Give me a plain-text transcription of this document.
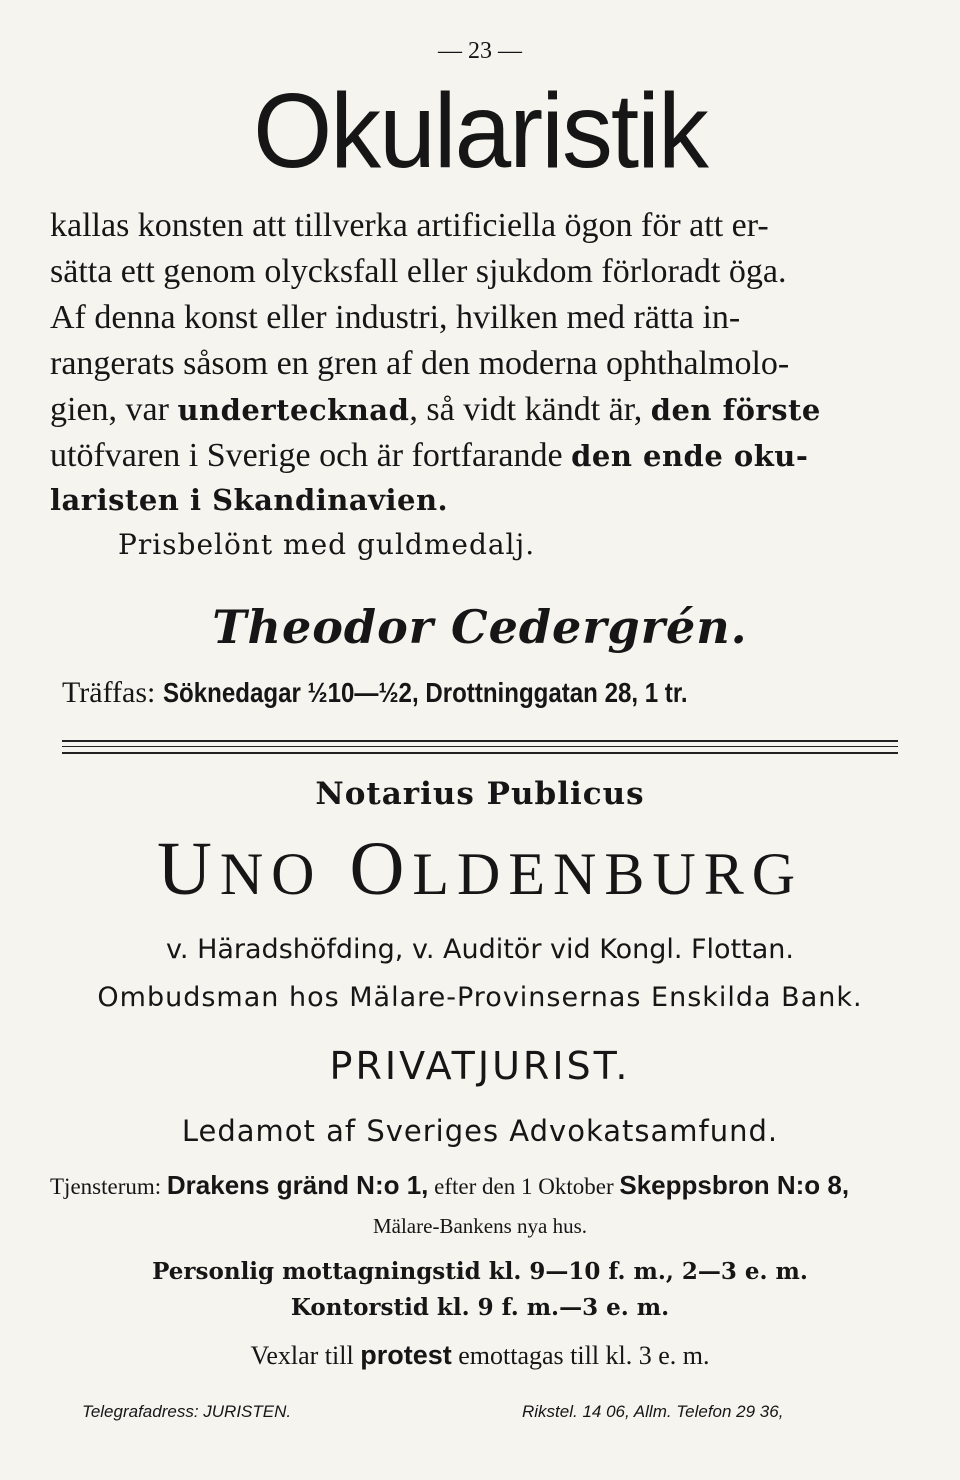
— 23 —
Okularistik
kallas konsten att tillverka artificiella ögon för att er-
sätta ett genom olycksfall eller sjukdom förloradt öga.
Af denna konst eller industri, hvilken med rätta in-
rangerats såsom en gren af den moderna ophthalmolo-
gien, var undertecknad, så vidt kändt är, den förste
utöfvaren i Sverige och är fortfarande den ende oku-
laristen i Skandinavien.
Prisbelönt med guldmedalj.
Theodor Cedergrén.
Träffas: Söknedagar ½10—½2, Drottninggatan 28, 1 tr.
Notarius Publicus
UNO OLDENBURG
v. Häradshöfding, v. Auditör vid Kongl. Flottan.
Ombudsman hos Mälare-Provinsernas Enskilda Bank.
PRIVATJURIST.
Ledamot af Sveriges Advokatsamfund.
Tjensterum: Drakens gränd N:o 1, efter den 1 Oktober Skeppsbron N:o 8,
Mälare-Bankens nya hus.
Personlig mottagningstid kl. 9—10 f. m., 2—3 e. m.
Kontorstid kl. 9 f. m.—3 e. m.
Vexlar till protest emottagas till kl. 3 e. m.
Telegrafadress: JURISTEN.	Rikstel. 14 06, Allm. Telefon 29 36,
